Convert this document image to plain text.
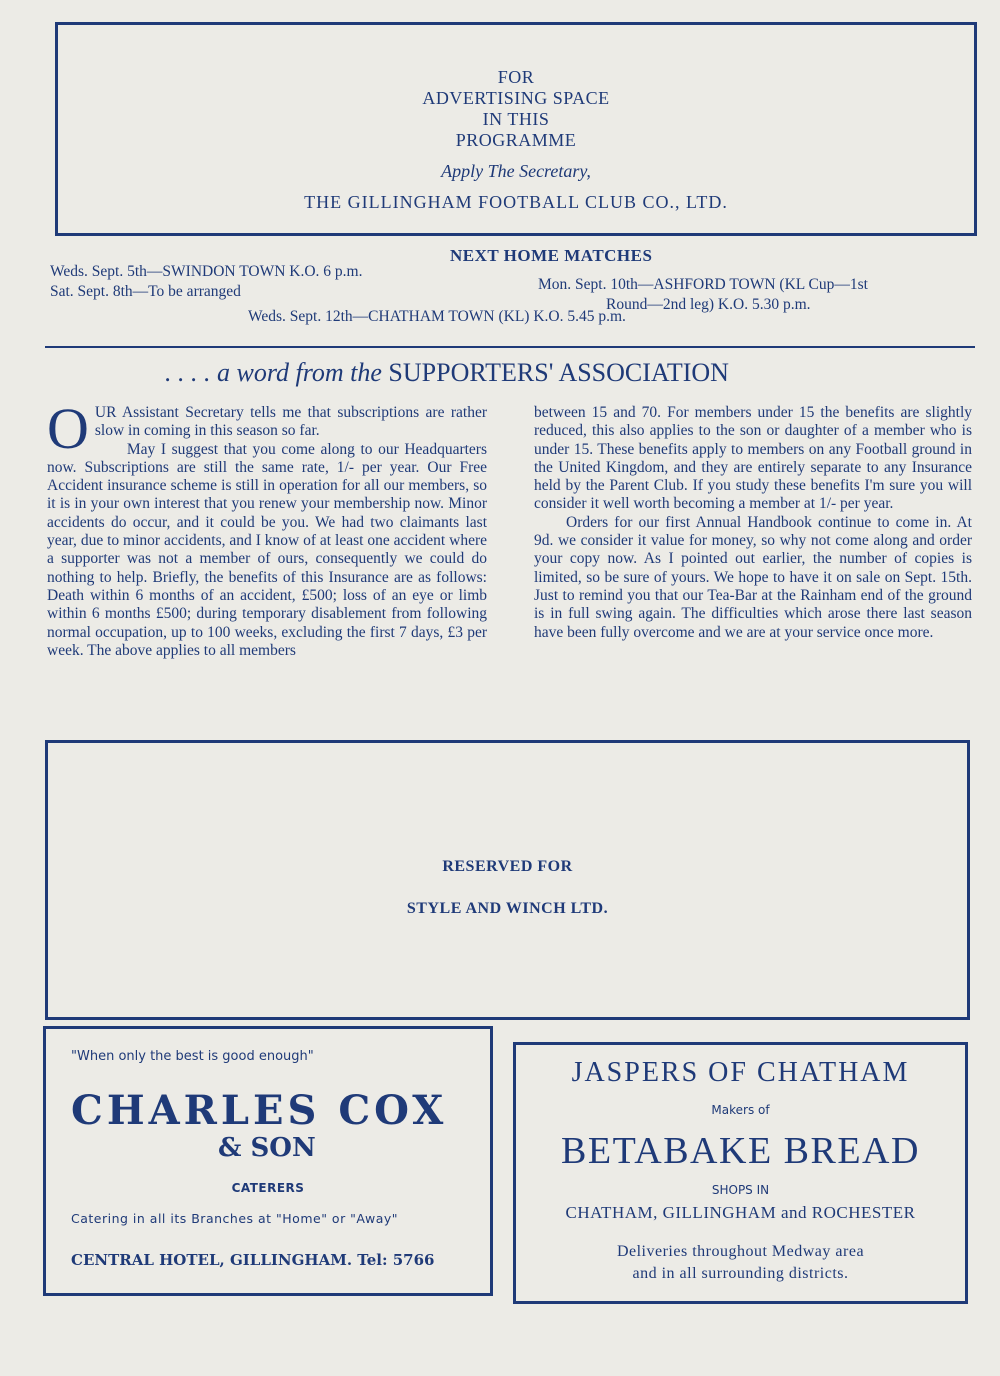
FOR
ADVERTISING SPACE
IN THIS
PROGRAMME
Apply The Secretary,
THE GILLINGHAM FOOTBALL CLUB CO., LTD.
NEXT HOME MATCHES
Weds. Sept. 5th—SWINDON TOWN K.O. 6 p.m.
Sat. Sept. 8th—To be arranged	Mon. Sept. 10th—ASHFORD TOWN (KL Cup—1st
Round—2nd leg) K.O. 5.30 p.m.
Weds. Sept. 12th—CHATHAM TOWN (KL) K.O. 5.45 p.m.
. . . . a word from the SUPPORTERS' ASSOCIATION
O UR Assistant Secretary tells me that subscriptions are rather slow in coming in this season so far.
May I suggest that you come along to our Headquarters now. Subscriptions are still the same rate, 1/- per year. Our Free Accident insurance scheme is still in operation for all our members, so it is in your own interest that you renew your membership now. Minor accidents do occur, and it could be you. We had two claimants last year, due to minor accidents, and I know of at least one accident where a supporter was not a member of ours, consequently we could do nothing to help. Briefly, the benefits of this Insurance are as follows: Death within 6 months of an accident, £500; loss of an eye or limb within 6 months £500; during temporary disablement from following normal occupation, up to 100 weeks, excluding the first 7 days, £3 per week. The above applies to all members
between 15 and 70. For members under 15 the benefits are slightly reduced, this also applies to the son or daughter of a member who is under 15. These benefits apply to members on any Football ground in the United Kingdom, and they are entirely separate to any Insurance held by the Parent Club. If you study these benefits I'm sure you will consider it well worth becoming a member at 1/- per year.
Orders for our first Annual Handbook continue to come in. At 9d. we consider it value for money, so why not come along and order your copy now. As I pointed out earlier, the number of copies is limited, so be sure of yours. We hope to have it on sale on Sept. 15th. Just to remind you that our Tea-Bar at the Rainham end of the ground is in full swing again. The difficulties which arose there last season have been fully overcome and we are at your service once more.
RESERVED FOR
STYLE AND WINCH LTD.
"When only the best is good enough"
CHARLES COX
& SON
CATERERS
Catering in all its Branches at "Home" or "Away"
CENTRAL HOTEL, GILLINGHAM. Tel: 5766
JASPERS OF CHATHAM
Makers of
BETABAKE BREAD
SHOPS IN
CHATHAM, GILLINGHAM and ROCHESTER
Deliveries throughout Medway area
and in all surrounding districts.
